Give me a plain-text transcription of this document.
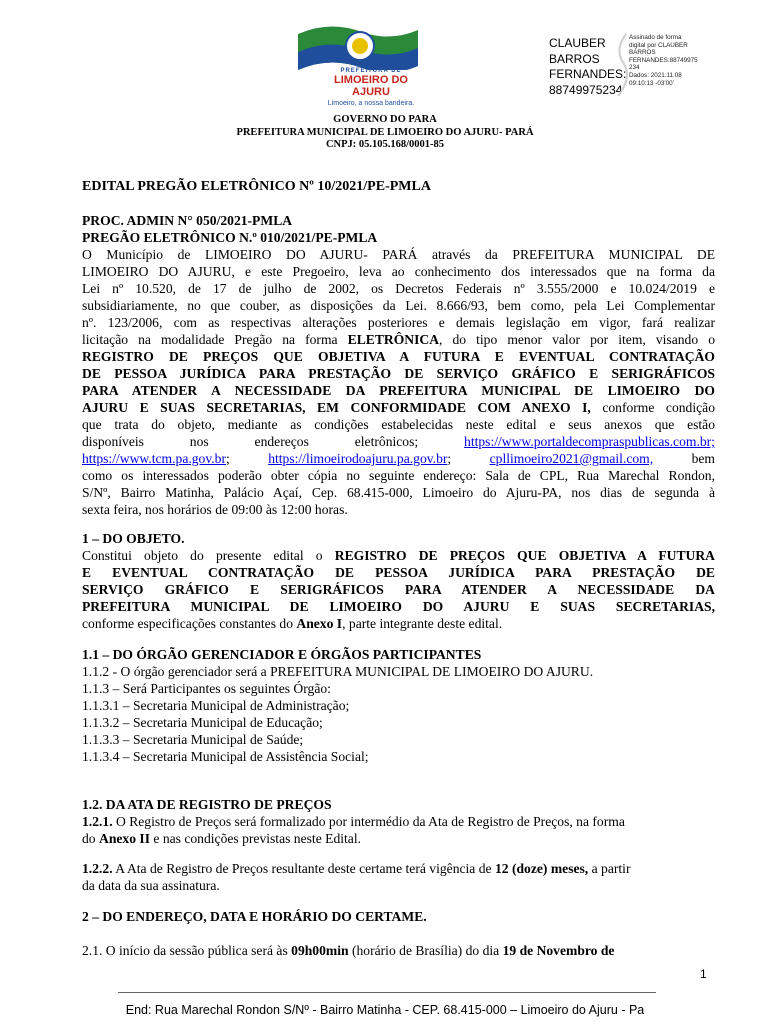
PREFEITURA DE
LIMOEIRO DO AJURU
Limoeiro, a nossa bandeira.
CLAUBER
BARROS
FERNANDES:
88749975234
Assinado de forma
digital por CLAUBER
BARROS
FERNANDES:88749975
234
Dados: 2021.11.08
09:10:13 -03'00'
GOVERNO DO PARA
PREFEITURA MUNICIPAL DE LIMOEIRO DO AJURU- PARÁ
CNPJ: 05.105.168/0001-85
EDITAL PREGÃO ELETRÔNICO Nº 10/2021/PE-PMLA
PROC. ADMIN N° 050/2021-PMLA
PREGÃO ELETRÔNICO N.º 010/2021/PE-PMLA
O Município de LIMOEIRO DO AJURU- PARÁ através da PREFEITURA MUNICIPAL DE
LIMOEIRO DO AJURU, e este Pregoeiro, leva ao conhecimento dos interessados que na forma da
Lei nº 10.520, de 17 de julho de 2002, os Decretos Federais nº 3.555/2000 e 10.024/2019 e
subsidiariamente, no que couber, as disposições da Lei. 8.666/93, bem como, pela Lei Complementar
nº. 123/2006, com as respectivas alterações posteriores e demais legislação em vigor, fará realizar
licitação na modalidade Pregão na forma ELETRÔNICA, do tipo menor valor por item, visando o
REGISTRO DE PREÇOS QUE OBJETIVA A FUTURA E EVENTUAL CONTRATAÇÃO
DE PESSOA JURÍDICA PARA PRESTAÇÃO DE SERVIÇO GRÁFICO E SERIGRÁFICOS
PARA ATENDER A NECESSIDADE DA PREFEITURA MUNICIPAL DE LIMOEIRO DO
AJURU E SUAS SECRETARIAS, EM CONFORMIDADE COM ANEXO I, conforme condição
que trata do objeto, mediante as condições estabelecidas neste edital e seus anexos que estão
disponíveis	nos	endereços	eletrônicos;	https://www.portaldecompraspublicas.com.br;
https://www.tcm.pa.gov.br;	https://limoeirodoajuru.pa.gov.br;	cpllimoeiro2021@gmail.com,	bem
como os interessados poderão obter cópia no seguinte endereço: Sala de CPL, Rua Marechal Rondon,
S/Nº, Bairro Matinha, Palácio Açaí, Cep. 68.415-000, Limoeiro do Ajuru-PA, nos dias de segunda à
sexta feira, nos horários de 09:00 às 12:00 horas.
1 – DO OBJETO.
Constitui objeto do presente edital o REGISTRO DE PREÇOS QUE OBJETIVA A FUTURA
E EVENTUAL CONTRATAÇÃO DE PESSOA JURÍDICA PARA PRESTAÇÃO DE
SERVIÇO GRÁFICO E SERIGRÁFICOS PARA ATENDER A NECESSIDADE DA
PREFEITURA MUNICIPAL DE LIMOEIRO DO AJURU E SUAS SECRETARIAS,
conforme especificações constantes do Anexo I, parte integrante deste edital.
1.1 – DO ÓRGÃO GERENCIADOR E ÓRGÃOS PARTICIPANTES
1.1.2 - O órgão gerenciador será a PREFEITURA MUNICIPAL DE LIMOEIRO DO AJURU.
1.1.3 – Será Participantes os seguintes Órgão:
1.1.3.1 – Secretaria Municipal de Administração;
1.1.3.2 – Secretaria Municipal de Educação;
1.1.3.3 – Secretaria Municipal de Saúde;
1.1.3.4 – Secretaria Municipal de Assistência Social;
1.2. DA ATA DE REGISTRO DE PREÇOS
1.2.1. O Registro de Preços será formalizado por intermédio da Ata de Registro de Preços, na forma
do Anexo II e nas condições previstas neste Edital.
1.2.2. A Ata de Registro de Preços resultante deste certame terá vigência de 12 (doze) meses, a partir
da data da sua assinatura.
2 – DO ENDEREÇO, DATA E HORÁRIO DO CERTAME.
2.1. O início da sessão pública será às 09h00min (horário de Brasília) do dia 19 de Novembro de
1
End: Rua Marechal Rondon S/Nº - Bairro Matinha - CEP. 68.415-000 – Limoeiro do Ajuru - Pa
